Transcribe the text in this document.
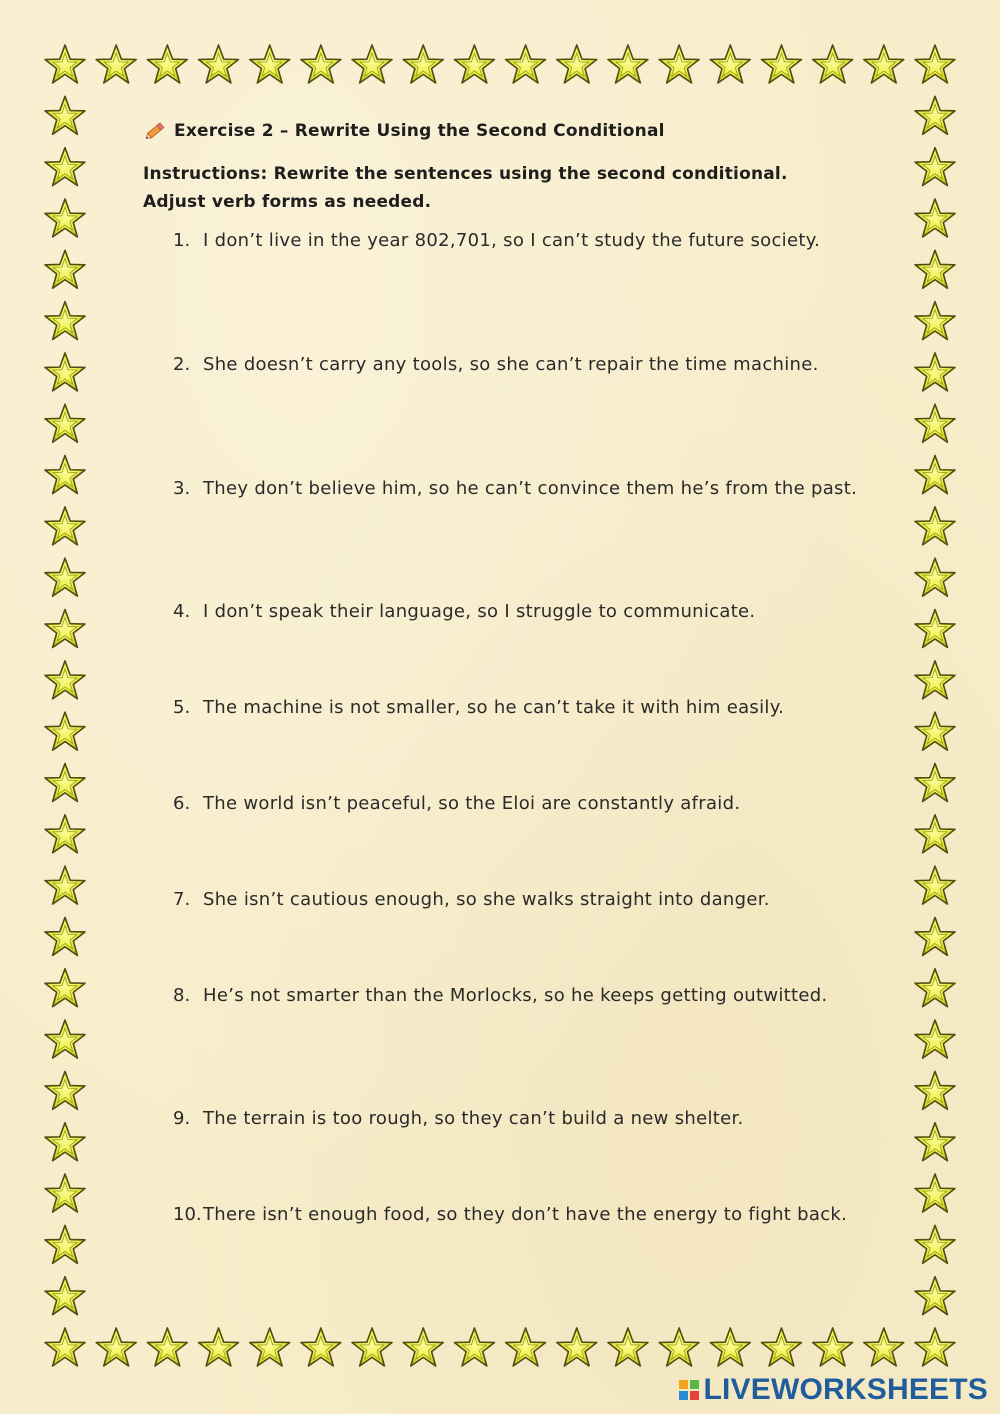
Exercise 2 – Rewrite Using the Second Conditional
Instructions: Rewrite the sentences using the second conditional.
Adjust verb forms as needed.
1. I don’t live in the year 802,701, so I can’t study the future society.
2. She doesn’t carry any tools, so she can’t repair the time machine.
3. They don’t believe him, so he can’t convince them he’s from the past.
4. I don’t speak their language, so I struggle to communicate.
5. The machine is not smaller, so he can’t take it with him easily.
6. The world isn’t peaceful, so the Eloi are constantly afraid.
7. She isn’t cautious enough, so she walks straight into danger.
8. He’s not smarter than the Morlocks, so he keeps getting outwitted.
9. The terrain is too rough, so they can’t build a new shelter.
10. There isn’t enough food, so they don’t have the energy to fight back.
LIVEWORKSHEETS
